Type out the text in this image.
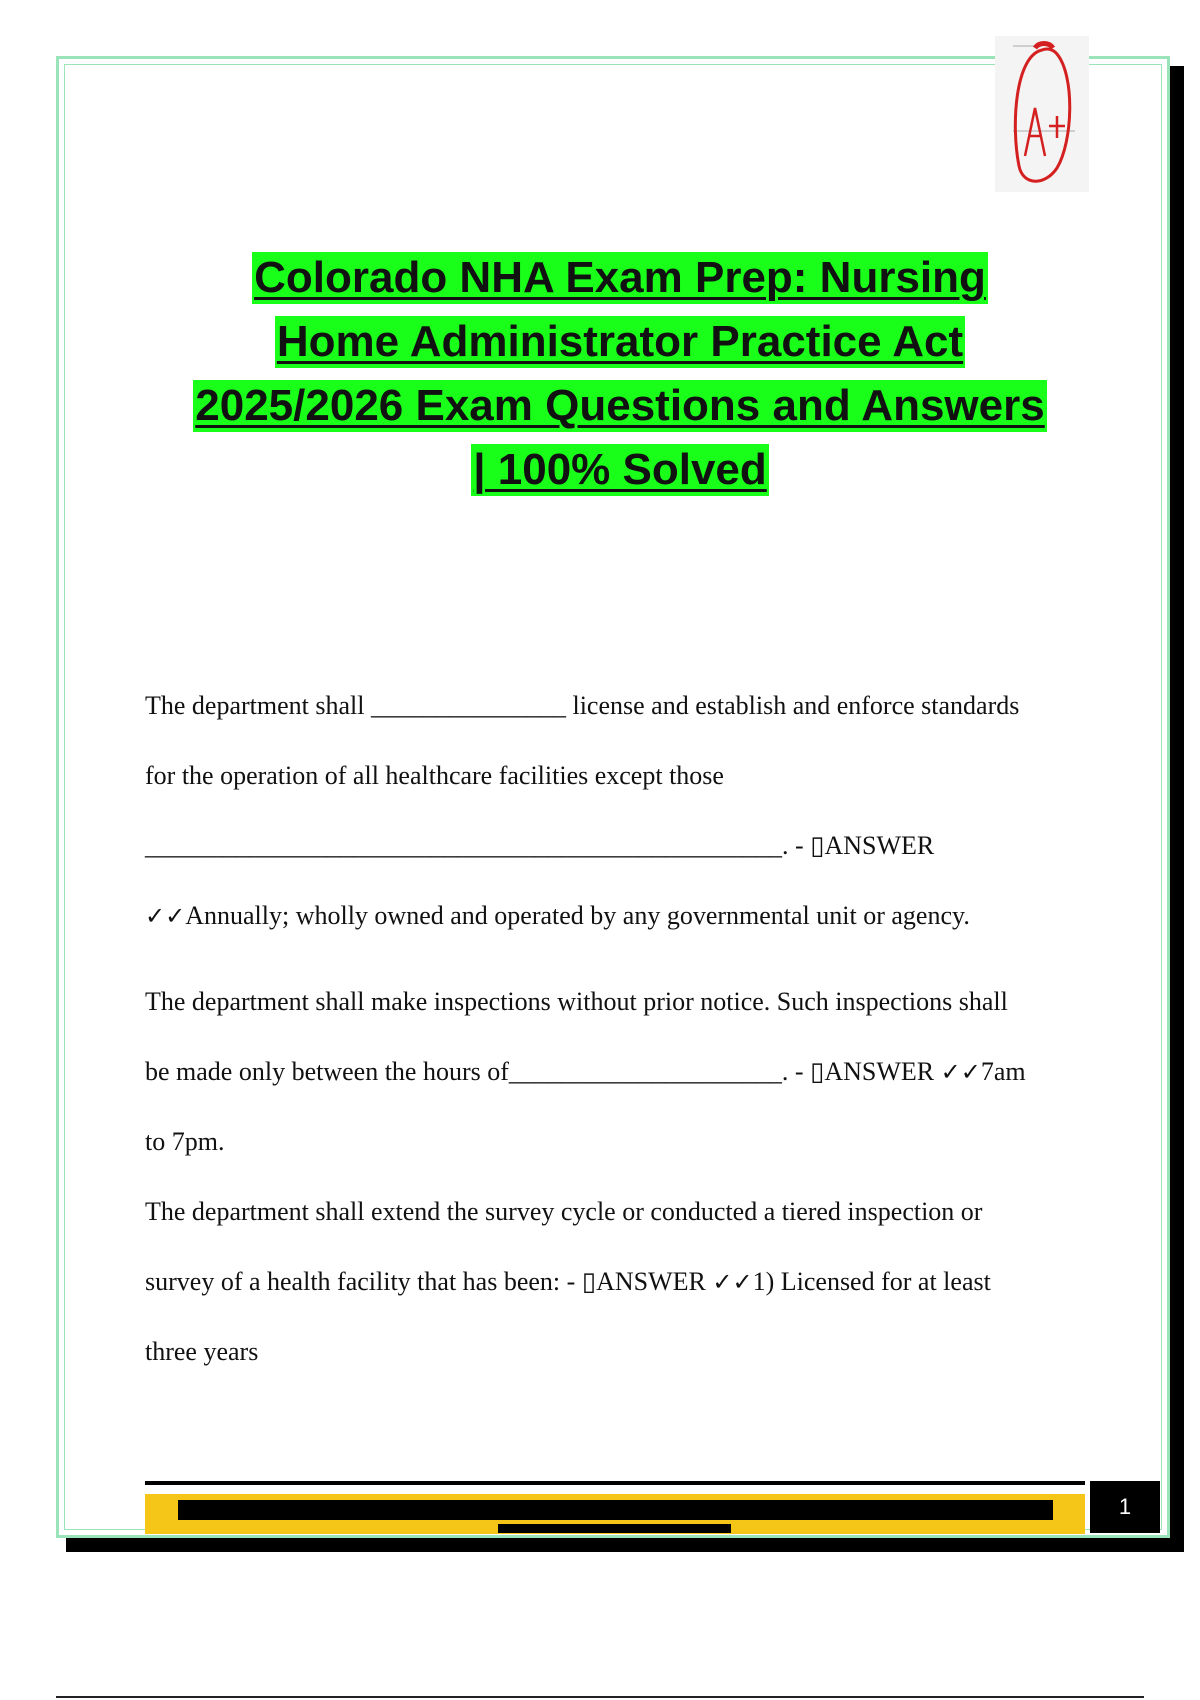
Colorado NHA Exam Prep: Nursing
Home Administrator Practice Act
2025/2026 Exam Questions and Answers
| 100% Solved
The department shall _______________ license and establish and enforce standards
for the operation of all healthcare facilities except those
_________________________________________________. - ▯ANSWER
✓✓Annually; wholly owned and operated by any governmental unit or agency.
The department shall make inspections without prior notice. Such inspections shall
be made only between the hours of_____________________. - ▯ANSWER ✓✓7am
to 7pm.
The department shall extend the survey cycle or conducted a tiered inspection or
survey of a health facility that has been: - ▯ANSWER ✓✓1) Licensed for at least
three years
1
